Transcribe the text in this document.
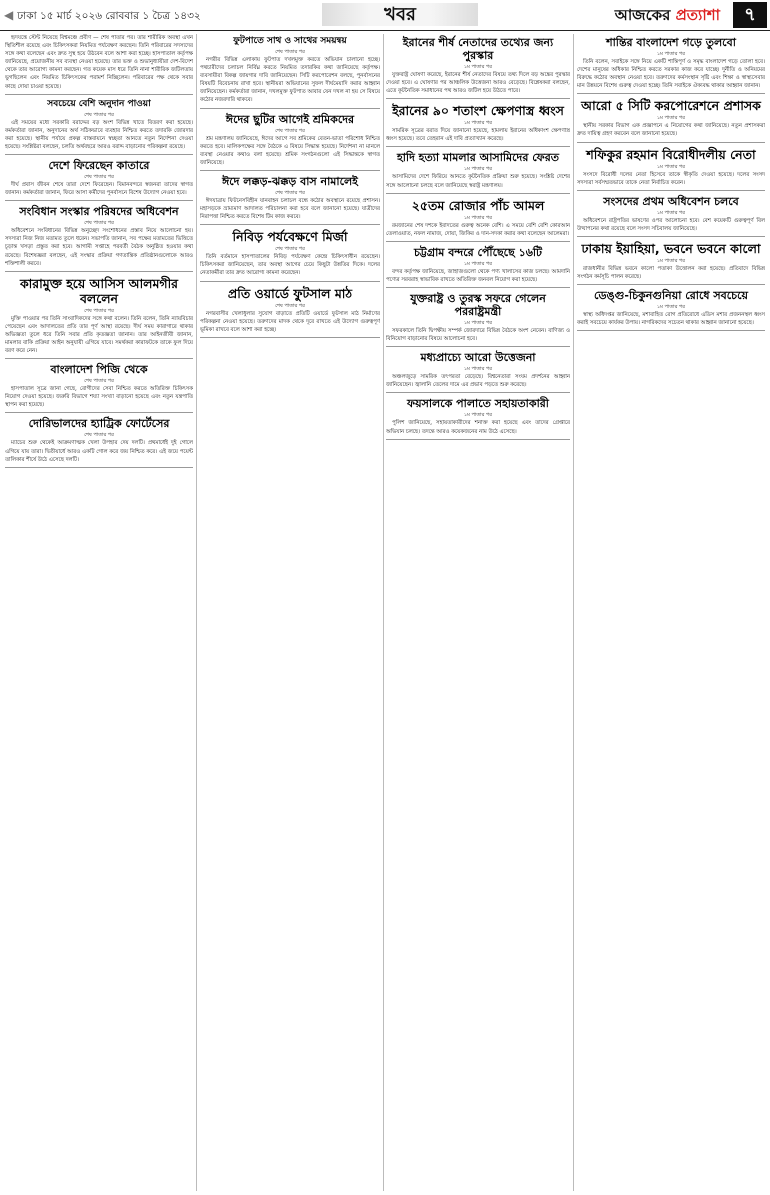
◀ ঢাকা ১৫ মার্চ ২০২৬ রোববার ১ চৈত্র ১৪৩২	খবর	আজকের প্রত্যাশা	৭

হৃদযন্ত্রে স্টেন্ট নিয়েছে বিশ্বমঞ্চে প্রবীণ — শেষ পাতার পর। তার শারীরিক অবস্থা এখন স্থিতিশীল রয়েছে এবং চিকিৎসকরা নিয়মিত পর্যবেক্ষণ করছেন। তিনি পরিবারের সদস্যদের সঙ্গে কথা বলেছেন এবং দ্রুত সুস্থ হয়ে উঠবেন বলে আশা করা হচ্ছে। হাসপাতাল কর্তৃপক্ষ জানিয়েছে, প্রয়োজনীয় সব ব্যবস্থা নেওয়া হয়েছে। তার ভক্ত ও শুভানুধ্যায়ীরা দেশ-বিদেশ থেকে তার আরোগ্য কামনা করছেন। গত কয়েক মাস ধরে তিনি নানা শারীরিক জটিলতায় ভুগছিলেন এবং নিয়মিত চিকিৎসকের পরামর্শ নিচ্ছিলেন। পরিবারের পক্ষ থেকে সবার কাছে দোয়া চাওয়া হয়েছে।

সবচেয়ে বেশি অনুদান পাওয়া
শেষ পাতার পর

এই সময়ের মধ্যে সরকারি বরাদ্দের বড় অংশ বিভিন্ন খাতে বিতরণ করা হয়েছে। কর্মকর্তারা জানান, অনুদানের অর্থ সঠিকভাবে ব্যবহার নিশ্চিত করতে তদারকি জোরদার করা হয়েছে। স্থানীয় পর্যায়ে প্রকল্প বাস্তবায়নে স্বচ্ছতা আনতে নতুন নির্দেশনা দেওয়া হয়েছে। সংশ্লিষ্টরা বলছেন, চলতি অর্থবছরে আরও বরাদ্দ বাড়ানোর পরিকল্পনা রয়েছে।

দেশে ফিরেছেন কাতারে
শেষ পাতার পর

দীর্ঘ প্রবাস জীবন শেষে তারা দেশে ফিরেছেন। বিমানবন্দরে স্বজনরা তাদের স্বাগত জানান। কর্মকর্তারা জানান, ফিরে আসা কর্মীদের পুনর্বাসনে বিশেষ উদ্যোগ নেওয়া হবে।

সংবিধান সংস্কার পরিষদের অধিবেশন
শেষ পাতার পর

অধিবেশনে সংবিধানের বিভিন্ন অনুচ্ছেদ সংশোধনের প্রস্তাব নিয়ে আলোচনা হয়। সদস্যরা নিজ নিজ মতামত তুলে ধরেন। সভাপতি জানান, সব পক্ষের মতামতের ভিত্তিতে চূড়ান্ত খসড়া প্রস্তুত করা হবে। আগামী সপ্তাহে পরবর্তী বৈঠক অনুষ্ঠিত হওয়ার কথা রয়েছে। বিশেষজ্ঞরা বলছেন, এই সংস্কার প্রক্রিয়া গণতান্ত্রিক প্রতিষ্ঠানগুলোকে আরও শক্তিশালী করবে।

কারামুক্ত হয়ে আসিস আলমগীর বললেন
শেষ পাতার পর

মুক্তি পাওয়ার পর তিনি সাংবাদিকদের সঙ্গে কথা বলেন। তিনি বলেন, তিনি ন্যায়বিচার পেয়েছেন এবং আদালতের প্রতি তার পূর্ণ আস্থা রয়েছে। দীর্ঘ সময় কারাগারে থাকার অভিজ্ঞতা তুলে ধরে তিনি সবার প্রতি কৃতজ্ঞতা জানান। তার আইনজীবী জানান, মামলার বাকি প্রক্রিয়া আইন অনুযায়ী এগিয়ে যাবে। সমর্থকরা কারাফটকে তাকে ফুল দিয়ে বরণ করে নেন।

বাংলাদেশ পিজি থেকে
শেষ পাতার পর

হাসপাতাল সূত্রে জানা গেছে, রোগীদের সেবা নিশ্চিত করতে অতিরিক্ত চিকিৎসক নিয়োগ দেওয়া হয়েছে। জরুরি বিভাগে শয্যা সংখ্যা বাড়ানো হয়েছে এবং নতুন যন্ত্রপাতি স্থাপন করা হয়েছে।

দোরিভালদের হ্যাট্রিক ফোর্টেসের
শেষ পাতার পর

ম্যাচের শুরু থেকেই আক্রমণাত্মক খেলা উপহার দেয় দলটি। প্রথমার্ধেই দুই গোলে এগিয়ে যায় তারা। দ্বিতীয়ার্ধে আরও একটি গোল করে জয় নিশ্চিত করে। এই জয়ে পয়েন্ট তালিকার শীর্ষে উঠে এসেছে দলটি।

ফুটপাতে সাথ ও সাথের সময়ন্বয়
শেষ পাতার পর

নগরীর বিভিন্ন এলাকায় ফুটপাত দখলমুক্ত করতে অভিযান চালানো হচ্ছে। পথচারীদের চলাচল নির্বিঘ্ন করতে নিয়মিত তদারকির কথা জানিয়েছে কর্তৃপক্ষ। ব্যবসায়ীরা বিকল্প জায়গার দাবি জানিয়েছেন। সিটি করপোরেশন বলছে, পুনর্বাসনের বিষয়টি বিবেচনায় রাখা হবে। স্থানীয়রা অভিযানের সুফল দীর্ঘমেয়াদি করার আহ্বান জানিয়েছেন। কর্মকর্তারা জানান, দখলমুক্ত ফুটপাত আবার যেন দখল না হয় সে বিষয়ে কঠোর নজরদারি থাকবে।

ঈদের ছুটির আগেই শ্রমিকদের
শেষ পাতার পর

শ্রম মন্ত্রণালয় জানিয়েছে, ঈদের আগে সব শ্রমিকের বেতন-ভাতা পরিশোধ নিশ্চিত করতে হবে। মালিকপক্ষের সঙ্গে বৈঠকে এ বিষয়ে সিদ্ধান্ত হয়েছে। নির্দেশনা না মানলে ব্যবস্থা নেওয়ার কথাও বলা হয়েছে। শ্রমিক সংগঠনগুলো এই সিদ্ধান্তকে স্বাগত জানিয়েছে।

ঈদে লক্কড়-ঝক্কড় বাস নামালেই
শেষ পাতার পর

ঈদযাত্রায় ফিটনেসবিহীন যানবাহন চলাচল বন্ধে কঠোর অবস্থানে রয়েছে প্রশাসন। মহাসড়কে ভ্রাম্যমাণ আদালত পরিচালনা করা হবে বলে জানানো হয়েছে। যাত্রীদের নিরাপত্তা নিশ্চিত করতে বিশেষ টিম কাজ করবে।

নিবিড় পর্যবেক্ষণে মির্জা
শেষ পাতার পর

তিনি বর্তমানে হাসপাতালের নিবিড় পর্যবেক্ষণ কেন্দ্রে চিকিৎসাধীন রয়েছেন। চিকিৎসকরা জানিয়েছেন, তার অবস্থা আগের চেয়ে কিছুটা উন্নতির দিকে। দলের নেতাকর্মীরা তার দ্রুত আরোগ্য কামনা করেছেন।

প্রতি ওয়ার্ডে ফুটসাল মাঠ
শেষ পাতার পর

নগরবাসীর খেলাধুলার সুযোগ বাড়াতে প্রতিটি ওয়ার্ডে ফুটসাল মাঠ নির্মাণের পরিকল্পনা নেওয়া হয়েছে। তরুণদের মাদক থেকে দূরে রাখতে এই উদ্যোগ গুরুত্বপূর্ণ ভূমিকা রাখবে বলে আশা করা হচ্ছে।

ইরানের শীর্ষ নেতাদের তথ্যের জন্য পুরস্কার
১ম পাতার পর

যুক্তরাষ্ট্র ঘোষণা করেছে, ইরানের শীর্ষ নেতাদের বিষয়ে তথ্য দিলে বড় অঙ্কের পুরস্কার দেওয়া হবে। এ ঘোষণার পর আঞ্চলিক উত্তেজনা আরও বেড়েছে। বিশ্লেষকরা বলছেন, এতে কূটনৈতিক সমাধানের পথ আরও জটিল হয়ে উঠতে পারে।

ইরানের ৯০ শতাংশ ক্ষেপণাস্ত্র ধ্বংস
১ম পাতার পর

সামরিক সূত্রের বরাত দিয়ে জানানো হয়েছে, হামলায় ইরানের অধিকাংশ ক্ষেপণাস্ত্র ধ্বংস হয়েছে। তবে তেহরান এই দাবি প্রত্যাখ্যান করেছে।

হাদি হত্যা মামলার আসামিদের ফেরত
১ম পাতার পর

আসামিদের দেশে ফিরিয়ে আনতে কূটনৈতিক প্রক্রিয়া শুরু হয়েছে। সংশ্লিষ্ট দেশের সঙ্গে আলোচনা চলছে বলে জানিয়েছে স্বরাষ্ট্র মন্ত্রণালয়।

২৫তম রোজার পাঁচ আমল
১ম পাতার পর

রমজানের শেষ দশকে ইবাদতের গুরুত্ব অনেক বেশি। এ সময়ে বেশি বেশি কোরআন তেলাওয়াত, নফল নামাজ, দোয়া, জিকির ও দান-সদকা করার কথা বলেছেন আলেমরা।

চট্টগ্রাম বন্দরে পৌঁছেছে ১৬টি
১ম পাতার পর

বন্দর কর্তৃপক্ষ জানিয়েছে, জাহাজগুলো থেকে পণ্য খালাসের কাজ চলছে। আমদানি পণ্যের সরবরাহ স্বাভাবিক রাখতে অতিরিক্ত জনবল নিয়োগ করা হয়েছে।

যুক্তরাষ্ট্র ও তুরস্ক সফরে গেলেন পররাষ্ট্রমন্ত্রী
১ম পাতার পর

সফরকালে তিনি দ্বিপক্ষীয় সম্পর্ক জোরদারে বিভিন্ন বৈঠকে অংশ নেবেন। বাণিজ্য ও বিনিয়োগ বাড়ানোর বিষয়ে আলোচনা হবে।

মধ্যপ্রাচ্যে আরো উত্তেজনা
১ম পাতার পর

অঞ্চলজুড়ে সামরিক তৎপরতা বেড়েছে। বিশ্বনেতারা সংযম প্রদর্শনের আহ্বান জানিয়েছেন। জ্বালানি তেলের দামে এর প্রভাব পড়তে শুরু করেছে।

ফয়সালকে পালাতে সহায়তাকারী
১ম পাতার পর

পুলিশ জানিয়েছে, সহায়তাকারীদের শনাক্ত করা হয়েছে এবং তাদের গ্রেপ্তারে অভিযান চলছে। তদন্তে আরও কয়েকজনের নাম উঠে এসেছে।

শান্তির বাংলাদেশ গড়ে তুলবো
১ম পাতার পর

তিনি বলেন, সবাইকে সঙ্গে নিয়ে একটি শান্তিপূর্ণ ও সমৃদ্ধ বাংলাদেশ গড়ে তোলা হবে। দেশের মানুষের অধিকার নিশ্চিত করতে সরকার কাজ করে যাচ্ছে। দুর্নীতি ও অনিয়মের বিরুদ্ধে কঠোর অবস্থান নেওয়া হবে। তরুণদের কর্মসংস্থান সৃষ্টি এবং শিক্ষা ও স্বাস্থ্যসেবার মান উন্নয়নে বিশেষ গুরুত্ব দেওয়া হচ্ছে। তিনি সবাইকে ঐক্যবদ্ধ থাকার আহ্বান জানান।

আরো ৫ সিটি করপোরেশনে প্রশাসক
১ম পাতার পর

স্থানীয় সরকার বিভাগ এক প্রজ্ঞাপনে এ নিয়োগের কথা জানিয়েছে। নতুন প্রশাসকরা দ্রুত দায়িত্ব গ্রহণ করবেন বলে জানানো হয়েছে।

শফিকুর রহমান বিরোধীদলীয় নেতা
১ম পাতার পর

সংসদে বিরোধী দলের নেতা হিসেবে তাকে স্বীকৃতি দেওয়া হয়েছে। দলের সংসদ সদস্যরা সর্বসম্মতভাবে তাকে নেতা নির্বাচিত করেন।

সংসদের প্রথম অধিবেশন চলবে
১ম পাতার পর

অধিবেশনে রাষ্ট্রপতির ভাষণের ওপর আলোচনা হবে। বেশ কয়েকটি গুরুত্বপূর্ণ বিল উত্থাপনের কথা রয়েছে বলে সংসদ সচিবালয় জানিয়েছে।

ঢাকায় ইয়াহিয়া, ভবনে ভবনে কালো
১ম পাতার পর

রাজধানীর বিভিন্ন ভবনে কালো পতাকা উত্তোলন করা হয়েছে। প্রতিবাদে বিভিন্ন সংগঠন কর্মসূচি পালন করেছে।

ডেঙ্গু-চিকুনগুনিয়া রোধে সবচেয়ে
১ম পাতার পর

স্বাস্থ্য অধিদপ্তর জানিয়েছে, মশাবাহিত রোগ প্রতিরোধে এডিস মশার প্রজননস্থল ধ্বংস করাই সবচেয়ে কার্যকর উপায়। নাগরিকদের সচেতন থাকার আহ্বান জানানো হয়েছে।
